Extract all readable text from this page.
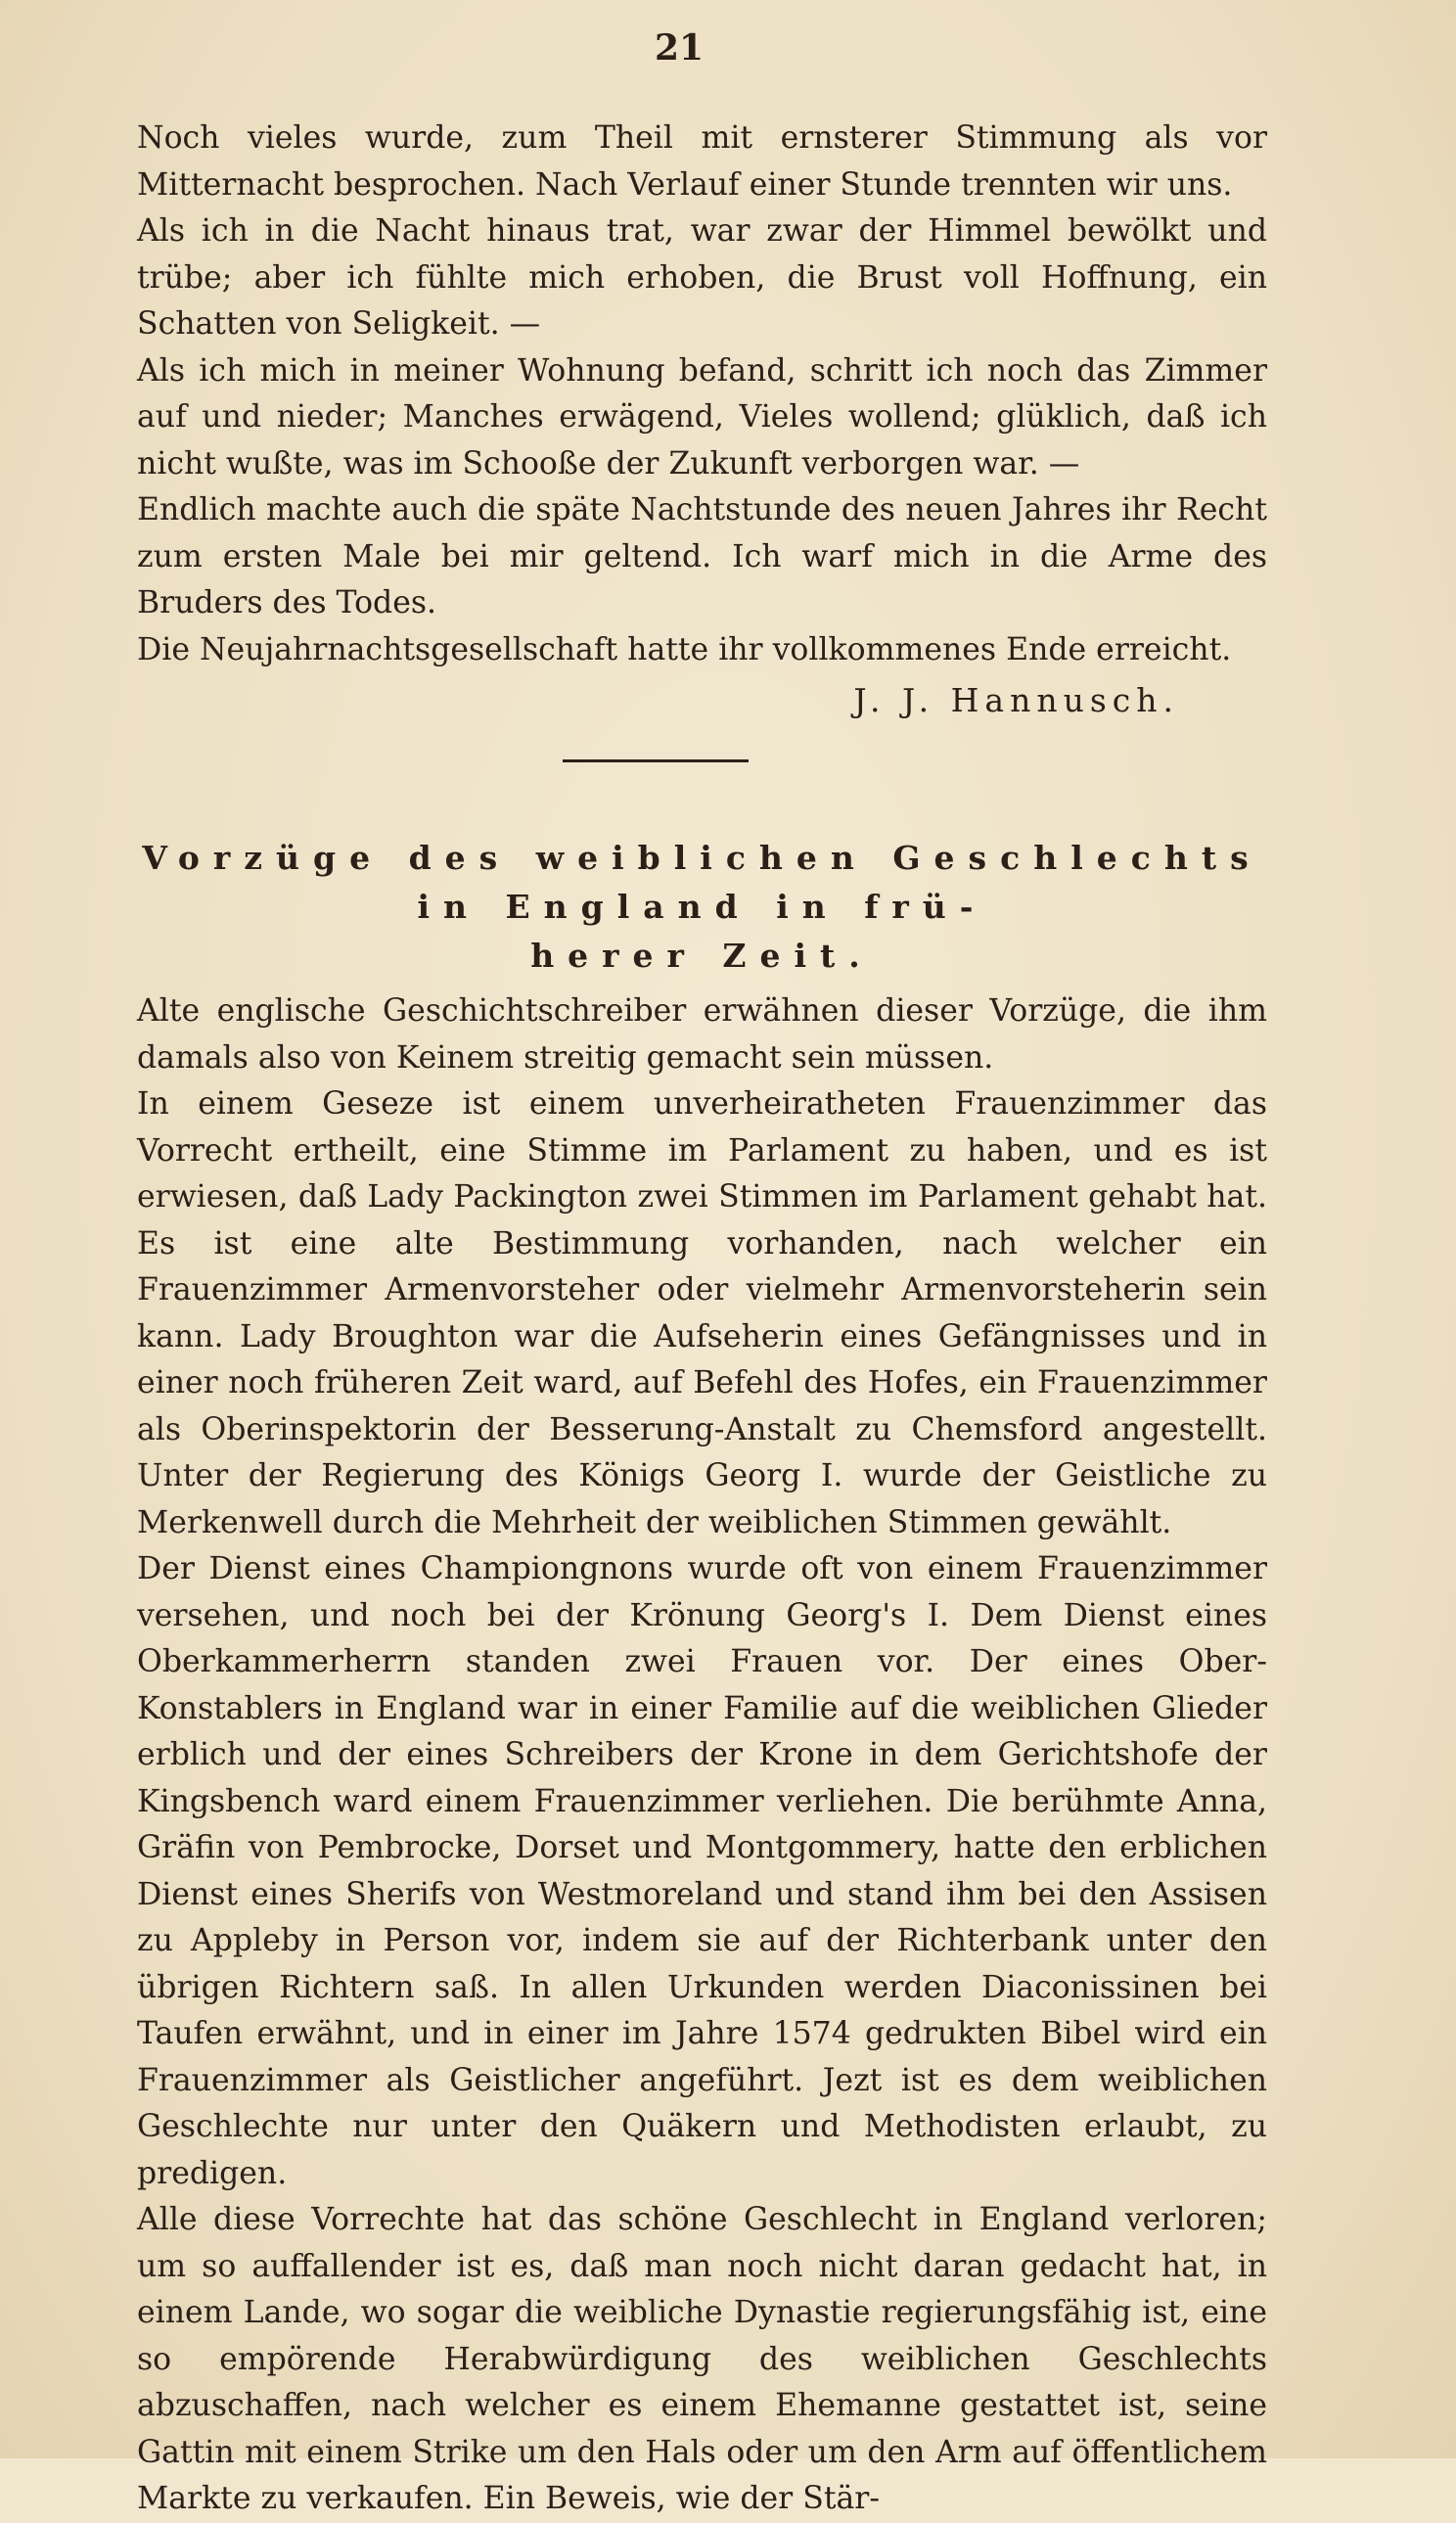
21

Noch vieles wurde, zum Theil mit ernsterer Stimmung als vor Mitternacht besprochen. Nach Verlauf einer Stunde trennten wir uns.

Als ich in die Nacht hinaus trat, war zwar der Himmel bewölkt und trübe; aber ich fühlte mich erhoben, die Brust voll Hoffnung, ein Schatten von Seligkeit. —

Als ich mich in meiner Wohnung befand, schritt ich noch das Zimmer auf und nieder; Manches erwägend, Vieles wollend; glüklich, daß ich nicht wußte, was im Schooße der Zukunft verborgen war. —

Endlich machte auch die späte Nachtstunde des neuen Jahres ihr Recht zum ersten Male bei mir geltend. Ich warf mich in die Arme des Bruders des Todes.

Die Neujahrnachtsgesellschaft hatte ihr vollkommenes Ende erreicht.

J. J. Hannusch.

Vorzüge des weiblichen Geschlechts in England in frü-

herer Zeit.

Alte englische Geschichtschreiber erwähnen dieser Vorzüge, die ihm damals also von Keinem streitig gemacht sein müssen.

In einem Geseze ist einem unverheiratheten Frauenzimmer das Vorrecht ertheilt, eine Stimme im Parlament zu haben, und es ist erwiesen, daß Lady Packington zwei Stimmen im Parlament gehabt hat. Es ist eine alte Bestimmung vorhanden, nach welcher ein Frauenzimmer Armenvorsteher oder vielmehr Armenvorsteherin sein kann. Lady Broughton war die Aufseherin eines Gefängnisses und in einer noch früheren Zeit ward, auf Befehl des Hofes, ein Frauenzimmer als Oberinspektorin der Besserung-Anstalt zu Chemsford angestellt. Unter der Regierung des Königs Georg I. wurde der Geistliche zu Merkenwell durch die Mehrheit der weiblichen Stimmen gewählt.

Der Dienst eines Championgnons wurde oft von einem Frauenzimmer versehen, und noch bei der Krönung Georg's I. Dem Dienst eines Oberkammerherrn standen zwei Frauen vor. Der eines Ober-Konstablers in England war in einer Familie auf die weiblichen Glieder erblich und der eines Schreibers der Krone in dem Gerichtshofe der Kingsbench ward einem Frauenzimmer verliehen. Die berühmte Anna, Gräfin von Pembrocke, Dorset und Montgommery, hatte den erblichen Dienst eines Sherifs von Westmoreland und stand ihm bei den Assisen zu Appleby in Person vor, indem sie auf der Richterbank unter den übrigen Richtern saß. In allen Urkunden werden Diaconissinen bei Taufen erwähnt, und in einer im Jahre 1574 gedrukten Bibel wird ein Frauenzimmer als Geistlicher angeführt. Jezt ist es dem weiblichen Geschlechte nur unter den Quäkern und Methodisten erlaubt, zu predigen.

Alle diese Vorrechte hat das schöne Geschlecht in England verloren; um so auffallender ist es, daß man noch nicht daran gedacht hat, in einem Lande, wo sogar die weibliche Dynastie regierungsfähig ist, eine so empörende Herabwürdigung des weiblichen Geschlechts abzuschaffen, nach welcher es einem Ehemanne gestattet ist, seine Gattin mit einem Strike um den Hals oder um den Arm auf öffentlichem Markte zu verkaufen. Ein Beweis, wie der Stär-
